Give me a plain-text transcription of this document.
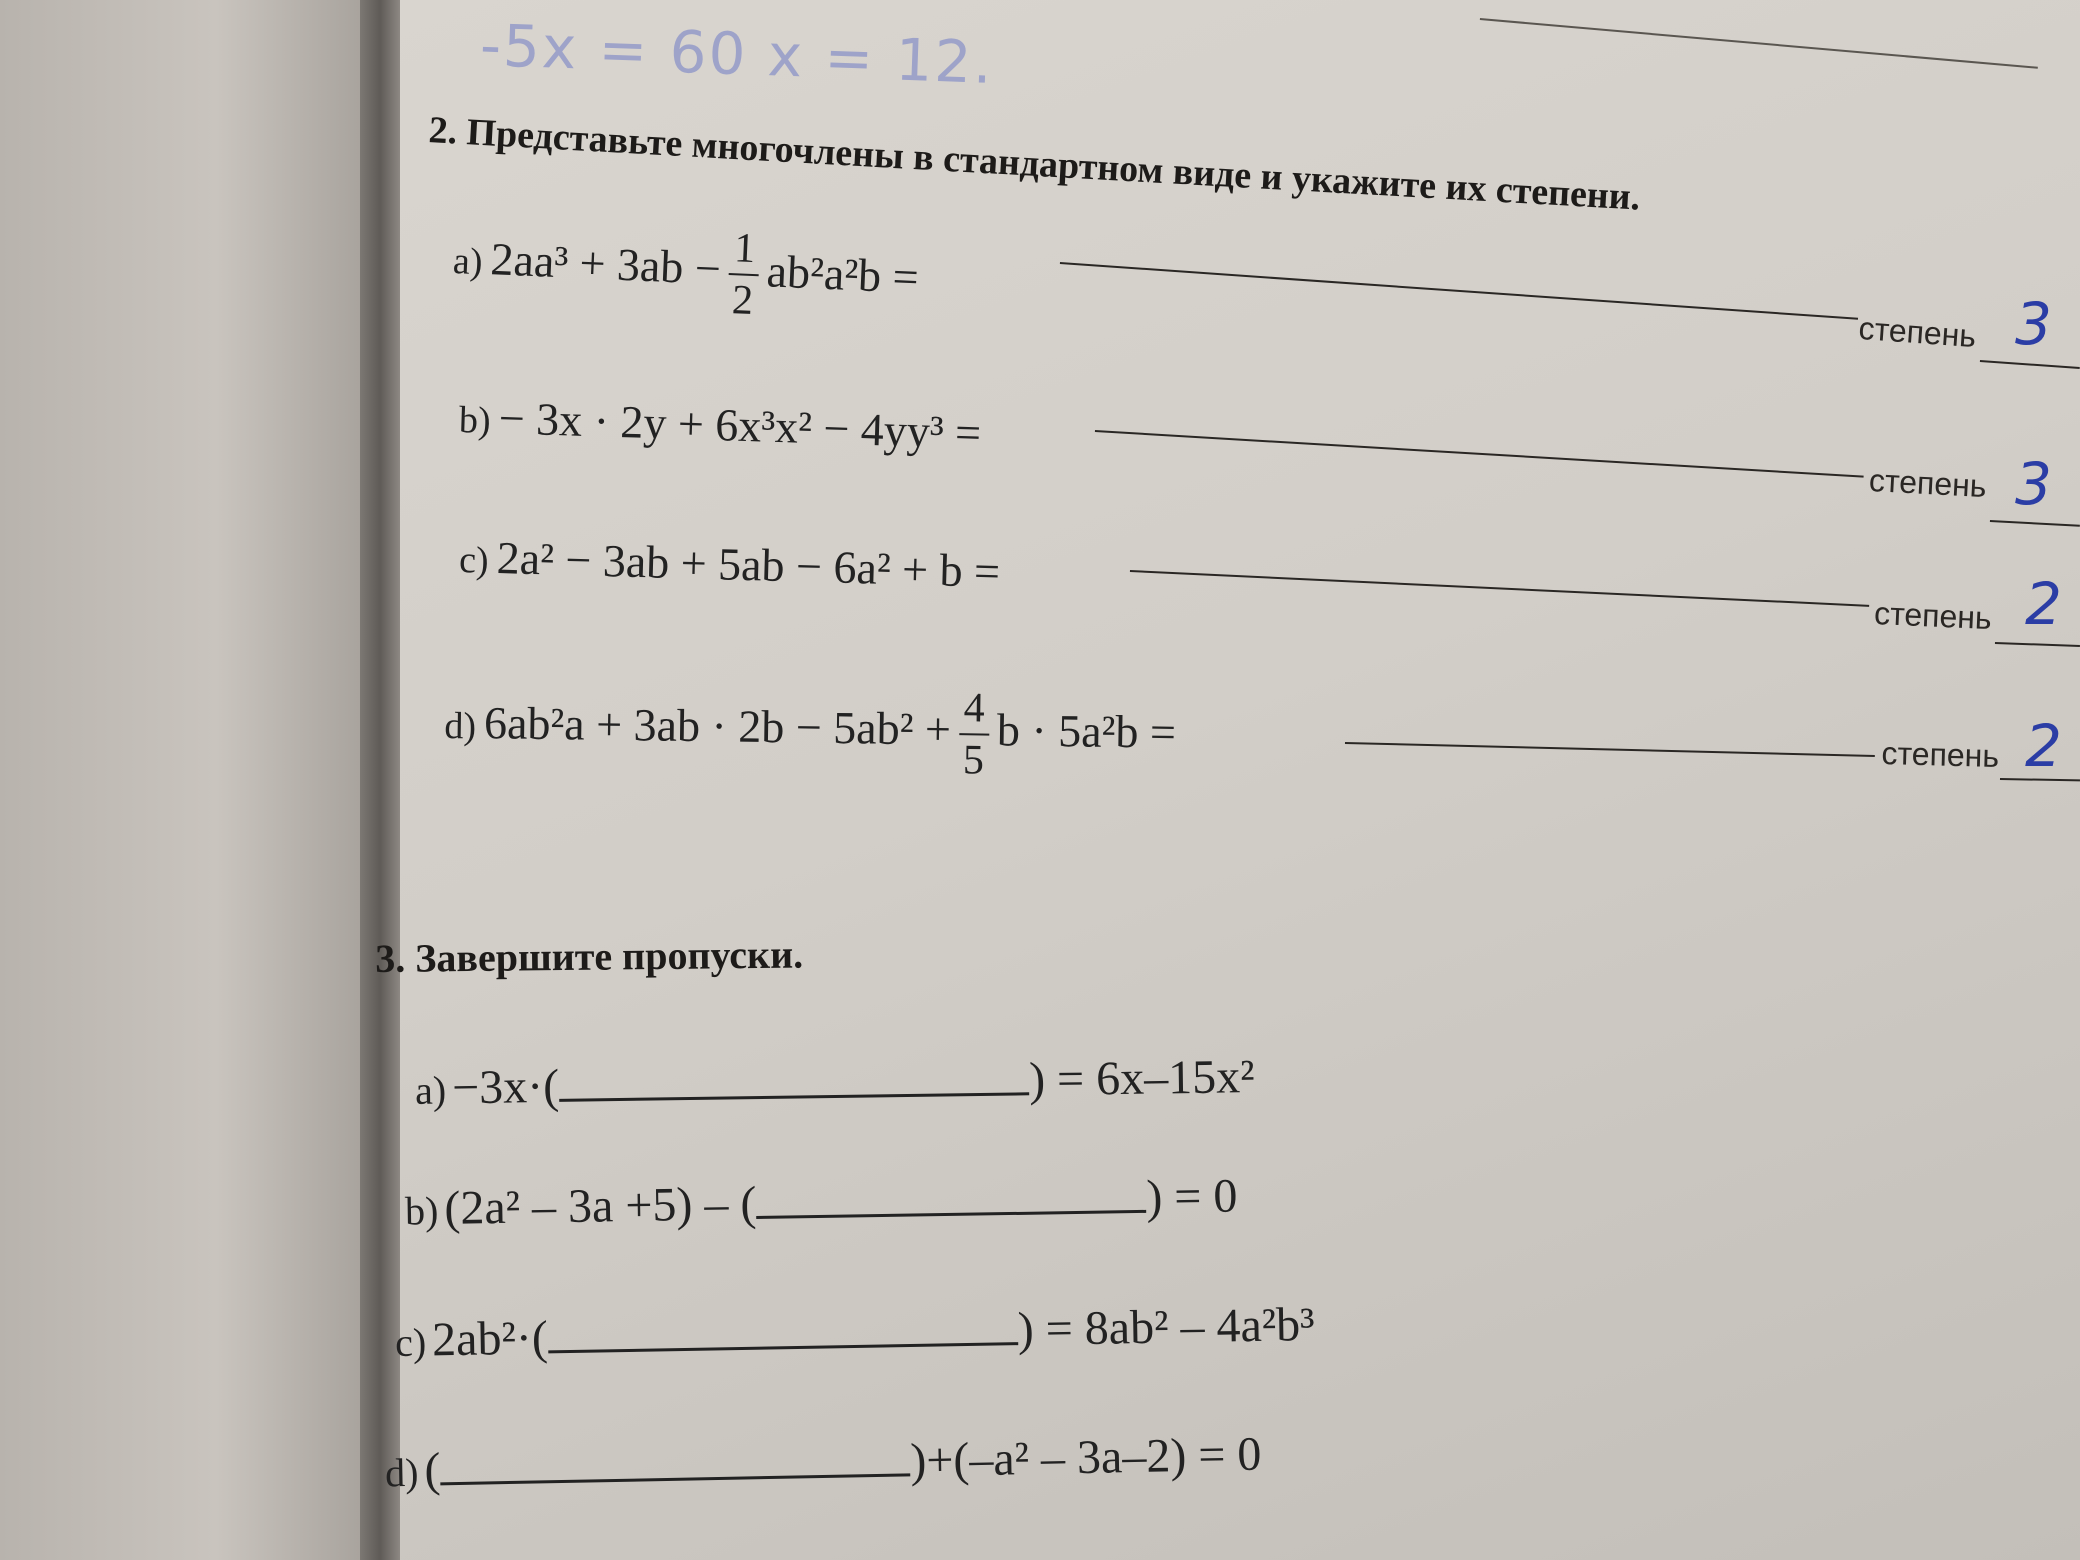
-5x = 60 x = 12.
2. Представьте многочлены в стандартном виде и укажите их степени.
a) $2aa^3 + 3ab - \frac{1}{2} ab^2a^2b$ =
степень 3
b) − 3x · 2y + 6x³x² − 4yy³ =
степень 3
c) 2a² − 3ab + 5ab − 6a² + b =
степень 2
d) $6ab^2a + 3ab \cdot 2b - 5ab^2 + \frac{4}{5}$ b · 5a²b =	степень 2
3. Завершите пропуски.
a) −3x·(	) = 6x–15x²
b) (2a² – 3a +5) – (	) = 0
c) 2ab²·(	) = 8ab² – 4a²b³
d) (	)+(–a² – 3a–2) = 0
